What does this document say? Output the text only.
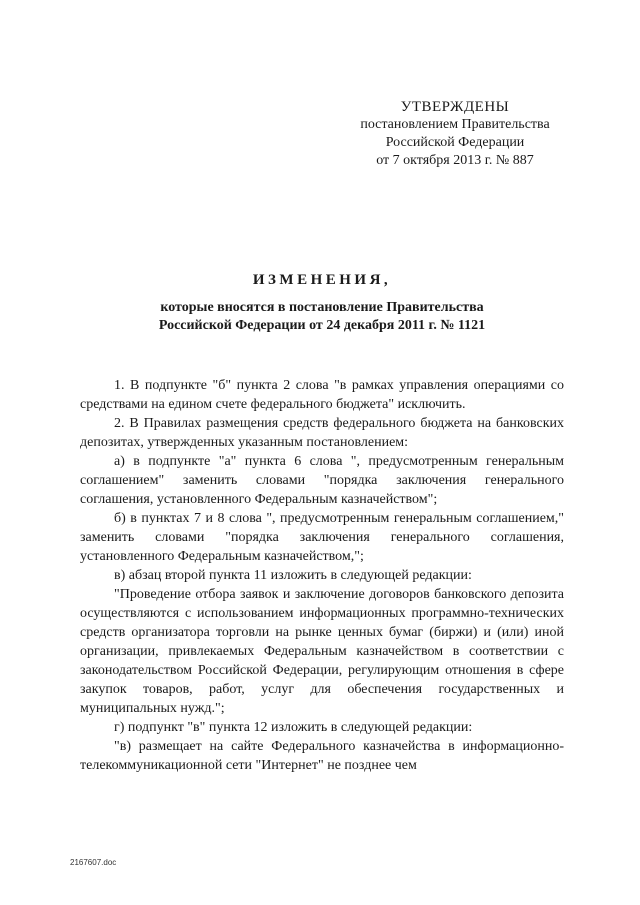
УТВЕРЖДЕНЫ
постановлением Правительства
Российской Федерации
от 7 октября 2013 г. № 887
ИЗМЕНЕНИЯ,
которые вносятся в постановление Правительства
Российской Федерации от 24 декабря 2011 г. № 1121

1. В подпункте "б" пункта 2 слова "в рамках управления операциями со средствами на едином счете федерального бюджета" исключить.

2. В Правилах размещения средств федерального бюджета на банковских депозитах, утвержденных указанным постановлением:

а) в подпункте "а" пункта 6 слова ", предусмотренным генеральным соглашением" заменить словами "порядка заключения генерального соглашения, установленного Федеральным казначейством";

б) в пунктах 7 и 8 слова ", предусмотренным генеральным соглашением," заменить словами "порядка заключения генерального соглашения, установленного Федеральным казначейством,";

в) абзац второй пункта 11 изложить в следующей редакции:

"Проведение отбора заявок и заключение договоров банковского депозита осуществляются с использованием информационных программно-технических средств организатора торговли на рынке ценных бумаг (биржи) и (или) иной организации, привлекаемых Федеральным казначейством в соответствии с законодательством Российской Федерации, регулирующим отношения в сфере закупок товаров, работ, услуг для обеспечения государственных и муниципальных нужд.";

г) подпункт "в" пункта 12 изложить в следующей редакции:

"в) размещает на сайте Федерального казначейства в информационно-телекоммуникационной сети "Интернет" не позднее чем

2167607.doc
